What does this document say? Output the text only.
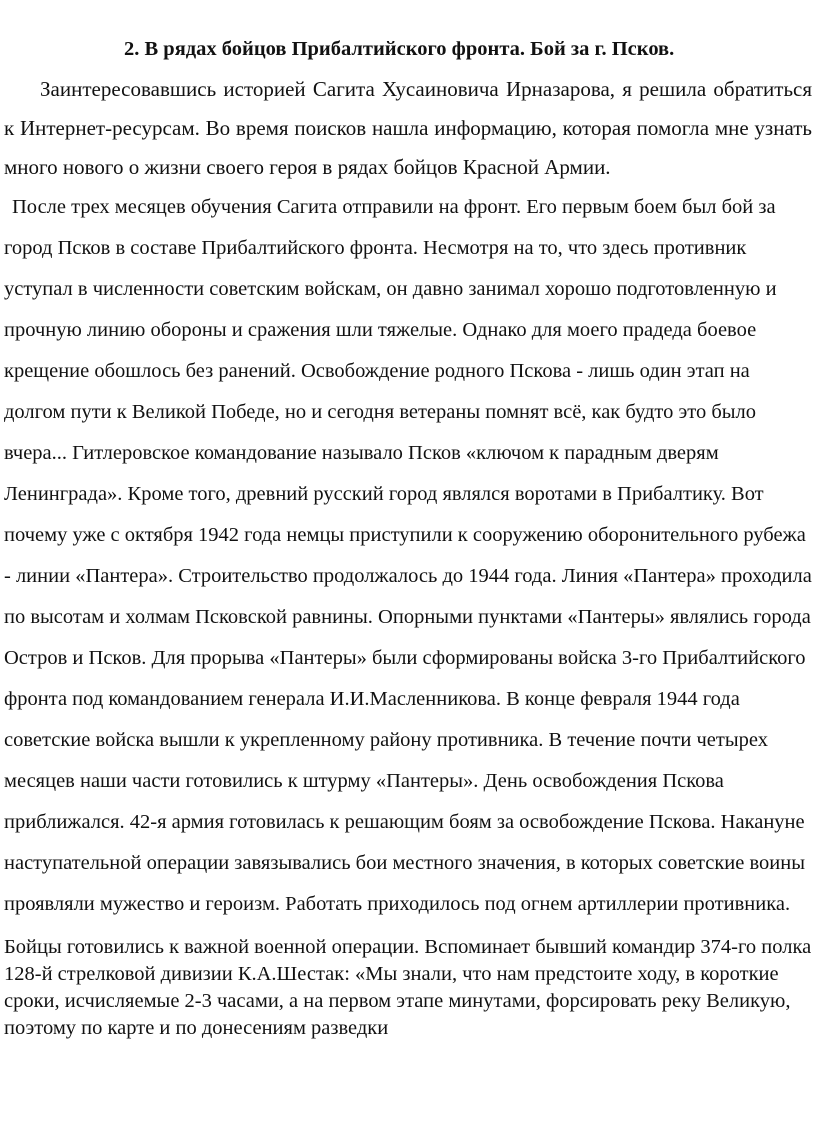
2. В рядах бойцов Прибалтийского фронта. Бой за г. Псков.

Заинтересовавшись историей Сагита Хусаиновича Ирназарова, я решила обратиться к Интернет-ресурсам. Во время поисков нашла информацию, которая помогла мне узнать много нового о жизни своего героя в рядах бойцов Красной Армии.

После трех месяцев обучения Сагита отправили на фронт. Его первым боем был бой за город Псков в составе Прибалтийского фронта. Несмотря на то, что здесь противник уступал в численности советским войскам, он давно занимал хорошо подготовленную и прочную линию обороны и сражения шли тяжелые. Однако для моего прадеда боевое крещение обошлось без ранений. Освобождение родного Пскова - лишь один этап на долгом пути к Великой Победе, но и сегодня ветераны помнят всё, как будто это было вчера... Гитлеровское командование называло Псков «ключом к парадным дверям Ленинграда». Кроме того, древний русский город являлся воротами в Прибалтику. Вот почему уже с октября 1942 года немцы приступили к сооружению оборонительного рубежа - линии «Пантера». Строительство продолжалось до 1944 года. Линия «Пантера» проходила по высотам и холмам Псковской равнины. Опорными пунктами «Пантеры» являлись города Остров и Псков. Для прорыва «Пантеры» были сформированы войска 3-го Прибалтийского фронта под командованием генерала И.И.Масленникова. В конце февраля 1944 года советские войска вышли к укрепленному району противника. В течение почти четырех месяцев наши части готовились к штурму «Пантеры». День освобождения Пскова приближался. 42-я армия готовилась к решающим боям за освобождение Пскова. Накануне наступательной операции завязывались бои местного значения, в которых советские воины проявляли мужество и героизм. Работать приходилось под огнем артиллерии противника.

Бойцы готовились к важной военной операции. Вспоминает бывший командир 374-го полка 128-й стрелковой дивизии К.А.Шестак: «Мы знали, что нам предстоите ходу, в короткие сроки, исчисляемые 2-3 часами, а на первом этапе минутами, форсировать реку Великую, поэтому по карте и по донесениям разведки
